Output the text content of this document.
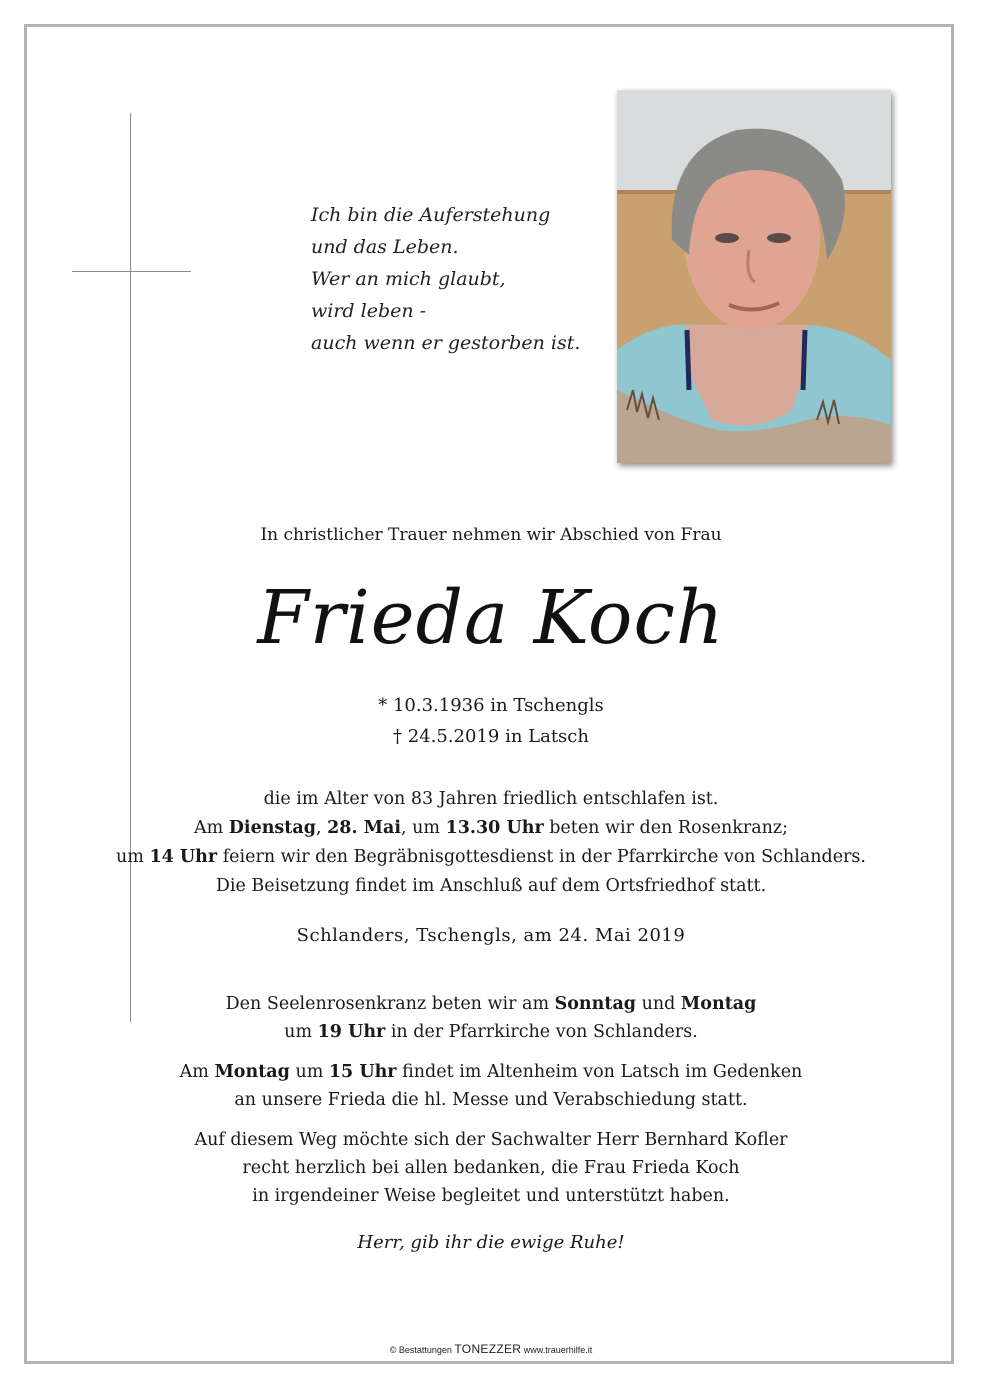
Ich bin die Auferstehung
und das Leben.
Wer an mich glaubt,
wird leben -
auch wenn er gestorben ist.
In christlicher Trauer nehmen wir Abschied von Frau
Frieda Koch
* 10.3.1936 in Tschengls
† 24.5.2019 in Latsch
die im Alter von 83 Jahren friedlich entschlafen ist.
Am Dienstag, 28. Mai, um 13.30 Uhr beten wir den Rosenkranz;
um 14 Uhr feiern wir den Begräbnisgottesdienst in der Pfarrkirche von Schlanders.
Die Beisetzung findet im Anschluß auf dem Ortsfriedhof statt.
Schlanders, Tschengls, am 24. Mai 2019
Den Seelenrosenkranz beten wir am Sonntag und Montag
um 19 Uhr in der Pfarrkirche von Schlanders.
Am Montag um 15 Uhr findet im Altenheim von Latsch im Gedenken
an unsere Frieda die hl. Messe und Verabschiedung statt.
Auf diesem Weg möchte sich der Sachwalter Herr Bernhard Kofler
recht herzlich bei allen bedanken, die Frau Frieda Koch
in irgendeiner Weise begleitet und unterstützt haben.
Herr, gib ihr die ewige Ruhe!
© Bestattungen TONEZZER www.trauerhilfe.it
